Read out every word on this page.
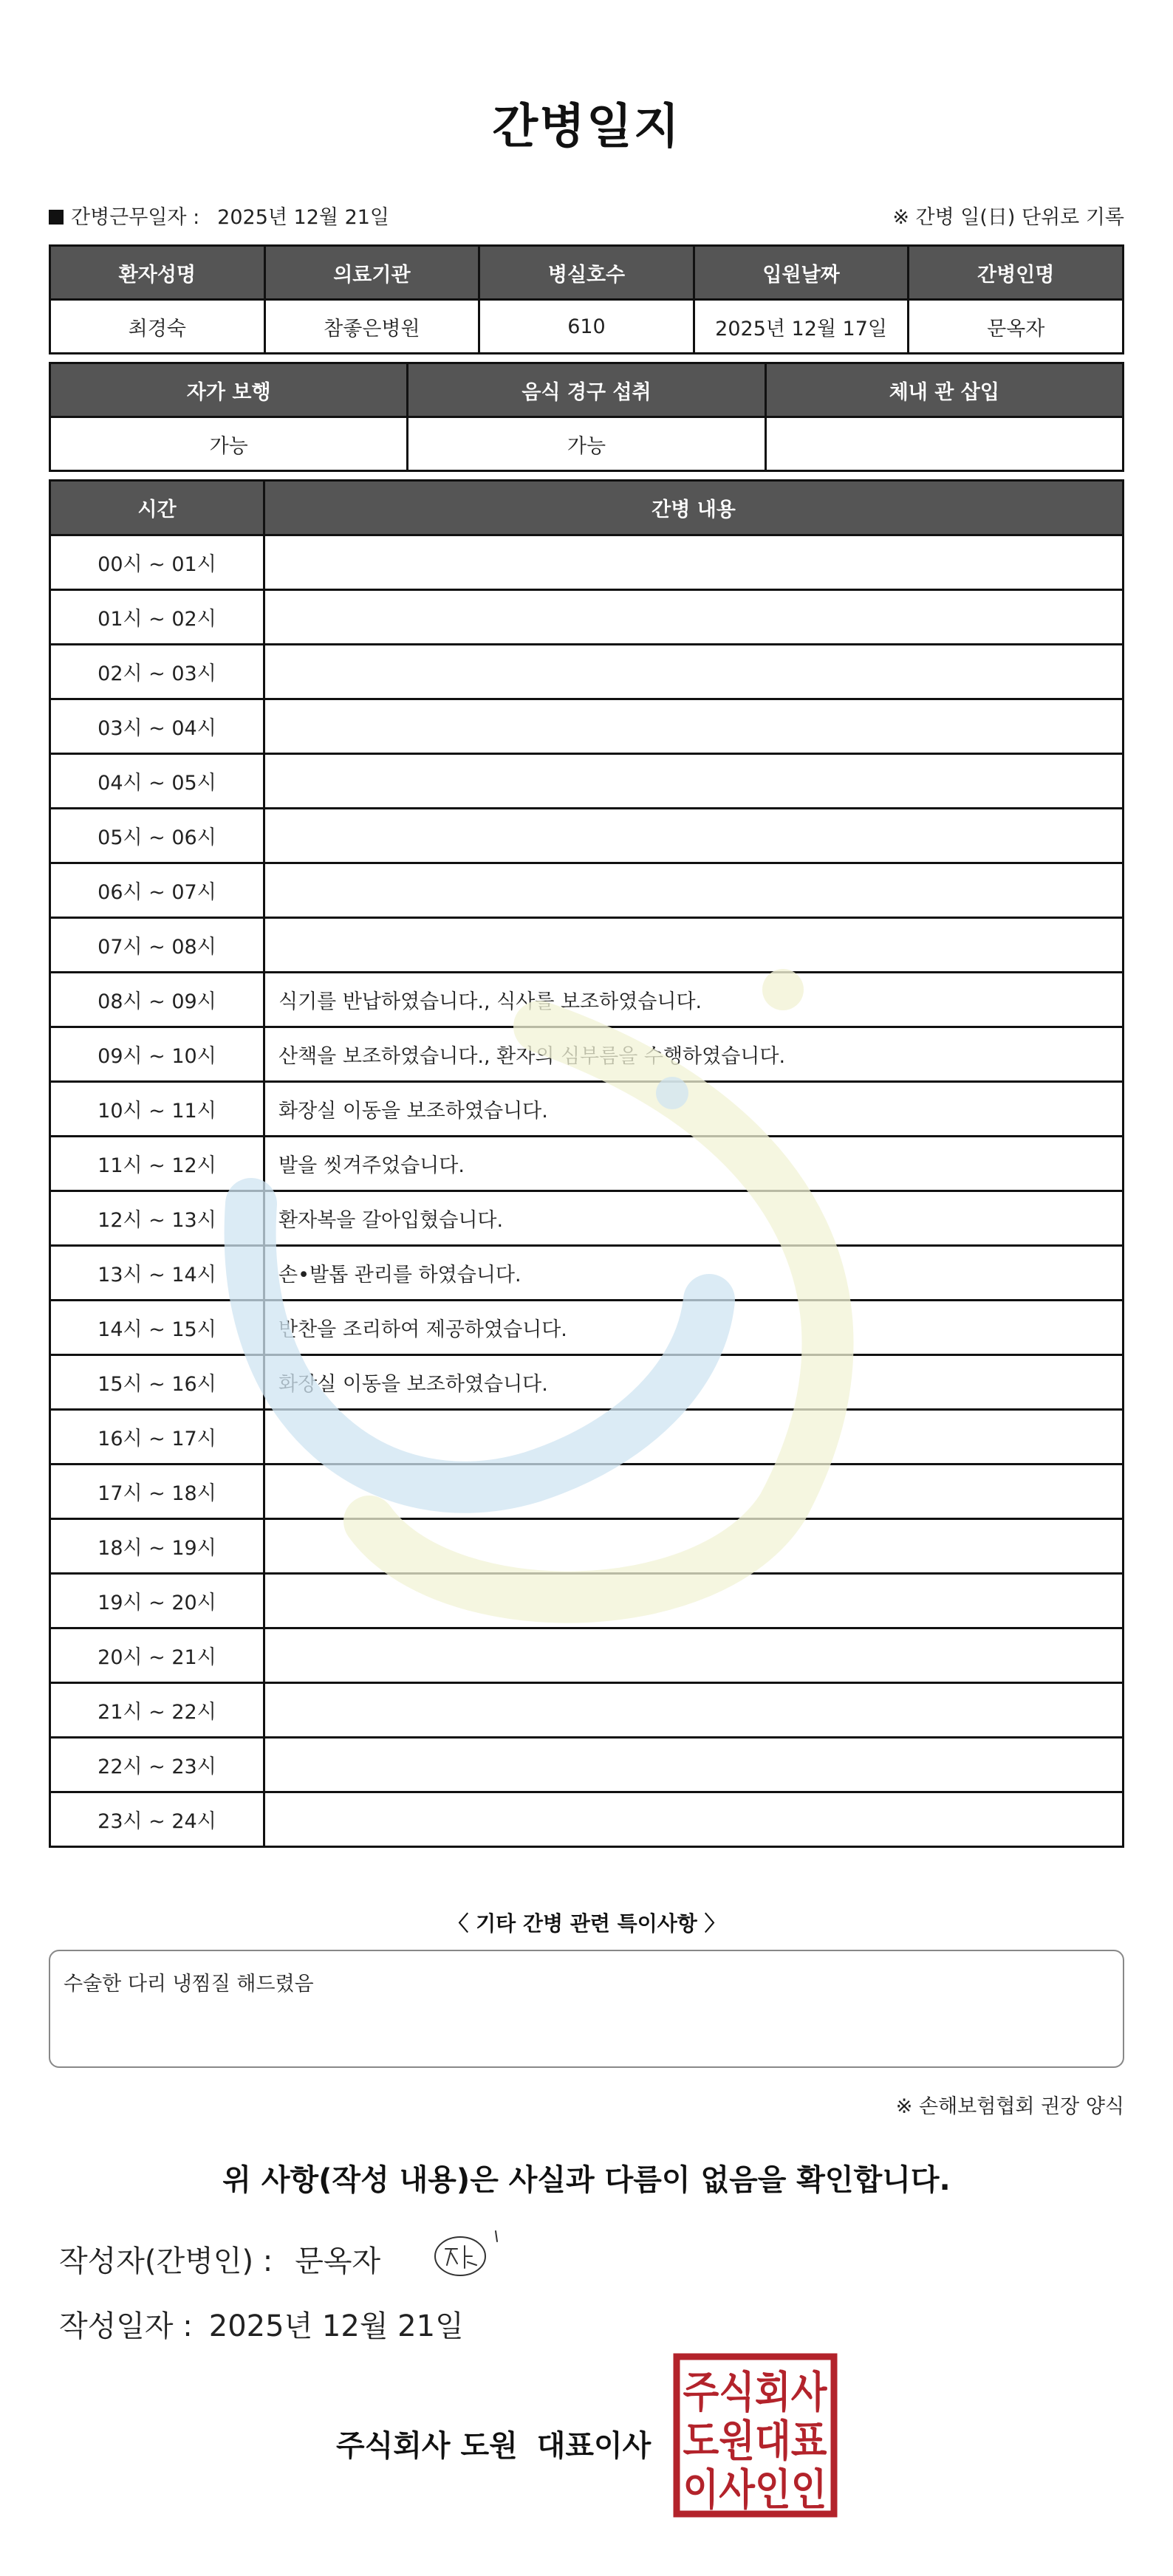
간병일지
간병근무일자 : 2025년 12월 21일	※ 간병 일(日) 단위로 기록
환자성명	의료기관	병실호수	입원날짜	간병인명
최경숙	참좋은병원	610	2025년 12월 17일	문옥자
자가 보행	음식 경구 섭취	체내 관 삽입
가능	가능	
시간	간병 내용
00시 ~ 01시	
01시 ~ 02시	
02시 ~ 03시	
03시 ~ 04시	
04시 ~ 05시	
05시 ~ 06시	
06시 ~ 07시	
07시 ~ 08시	
08시 ~ 09시	식기를 반납하였습니다., 식사를 보조하였습니다.
09시 ~ 10시	산책을 보조하였습니다., 환자의 심부름을 수행하였습니다.
10시 ~ 11시	화장실 이동을 보조하였습니다.
11시 ~ 12시	발을 씻겨주었습니다.
12시 ~ 13시	환자복을 갈아입혔습니다.
13시 ~ 14시	손•발톱 관리를 하였습니다.
14시 ~ 15시	반찬을 조리하여 제공하였습니다.
15시 ~ 16시	화장실 이동을 보조하였습니다.
16시 ~ 17시	
17시 ~ 18시	
18시 ~ 19시	
19시 ~ 20시	
20시 ~ 21시	
21시 ~ 22시	
22시 ~ 23시	
23시 ~ 24시	
〈 기타 간병 관련 특이사항 〉
수술한 다리 냉찜질 해드렸음
※ 손해보험협회 권장 양식
위 사항(작성 내용)은 사실과 다름이 없음을 확인합니다.
작성자(간병인) : 문옥자
작성일자 : 2025년 12월 21일
주식회사 도원 대표이사
주식회사
도원대표
이사인인
